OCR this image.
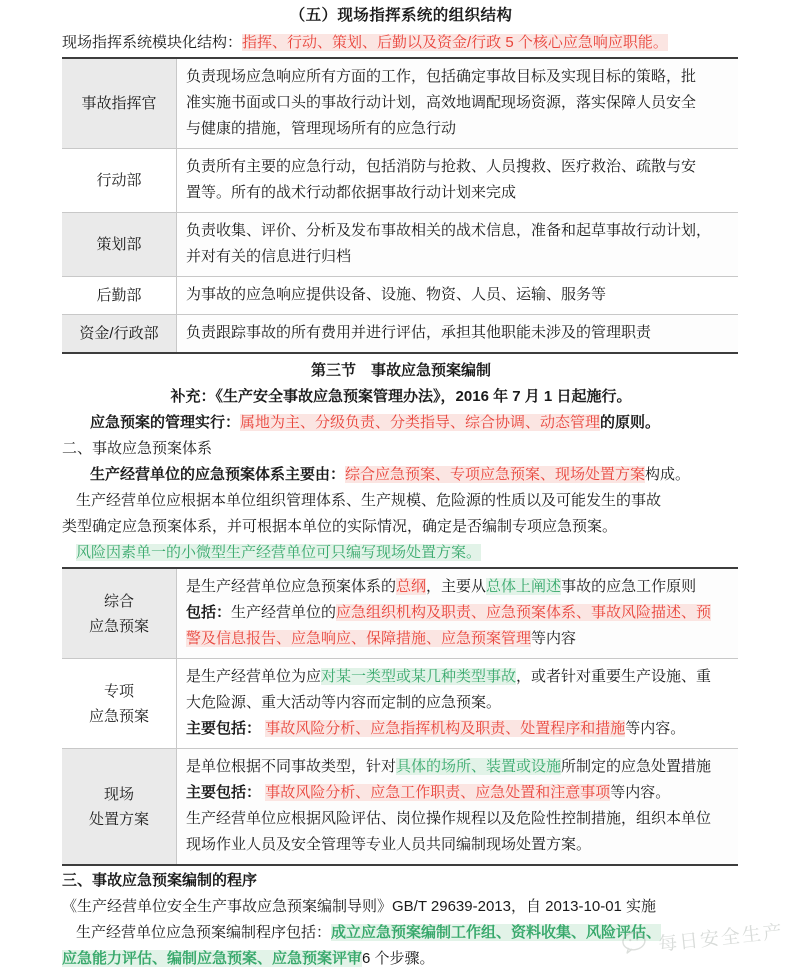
（五）现场指挥系统的组织结构

现场指挥系统模块化结构：指挥、行动、策划、后勤以及资金/行政 5 个核心应急响应职能。

事故指挥官	负责现场应急响应所有方面的工作，包括确定事故目标及实现目标的策略，批
准实施书面或口头的事故行动计划，高效地调配现场资源，落实保障人员安全
与健康的措施，管理现场所有的应急行动

行动部	负责所有主要的应急行动，包括消防与抢救、人员搜救、医疗救治、疏散与安
置等。所有的战术行动都依据事故行动计划来完成

策划部	负责收集、评价、分析及发布事故相关的战术信息，准备和起草事故行动计划，
并对有关的信息进行归档

后勤部	为事故的应急响应提供设备、设施、物资、人员、运输、服务等

资金/行政部	负责跟踪事故的所有费用并进行评估，承担其他职能未涉及的管理职责
第三节　事故应急预案编制

补充：《生产安全事故应急预案管理办法》，2016 年 7 月 1 日起施行。

应急预案的管理实行：属地为主、分级负责、分类指导、综合协调、动态管理的原则。

二、事故应急预案体系

生产经营单位的应急预案体系主要由：综合应急预案、专项应急预案、现场处置方案构成。

生产经营单位应根据本单位组织管理体系、生产规模、危险源的性质以及可能发生的事故

类型确定应急预案体系，并可根据本单位的实际情况，确定是否编制专项应急预案。

风险因素单一的小微型生产经营单位可只编写现场处置方案。

综合
应急预案	是生产经营单位应急预案体系的总纲，主要从总体上阐述事故的应急工作原则
包括：生产经营单位的应急组织机构及职责、应急预案体系、事故风险描述、预
警及信息报告、应急响应、保障措施、应急预案管理等内容

专项
应急预案	是生产经营单位为应对某一类型或某几种类型事故，或者针对重要生产设施、重
大危险源、重大活动等内容而定制的应急预案。
主要包括： 事故风险分析、应急指挥机构及职责、处置程序和措施等内容。

现场
处置方案	是单位根据不同事故类型，针对具体的场所、装置或设施所制定的应急处置措施
主要包括： 事故风险分析、应急工作职责、应急处置和注意事项等内容。
生产经营单位应根据风险评估、岗位操作规程以及危险性控制措施，组织本单位
现场作业人员及安全管理等专业人员共同编制现场处置方案。

三、事故应急预案编制的程序

《生产经营单位安全生产事故应急预案编制导则》GB/T 29639-2013，自 2013-10-01 实施

生产经营单位应急预案编制程序包括：成立应急预案编制工作组、资料收集、风险评估、

应急能力评估、编制应急预案、应急预案评审6 个步骤。

每日安全生产
